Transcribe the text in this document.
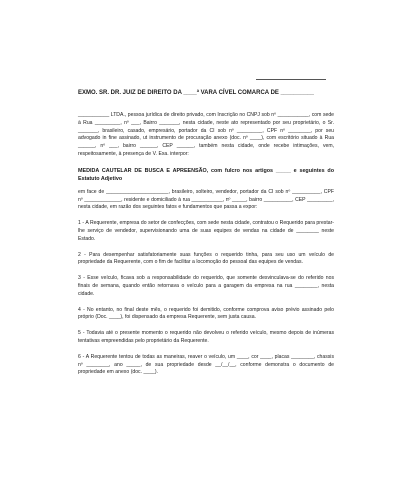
EXMO. SR. DR. JUIZ DE DIREITO DA ____ª VARA CÍVEL COMARCA DE __________

___________ LTDA., pessoa jurídica de direito privado, com Inscrição no CNPJ sob nº ___________, com sede à Rua _________, nº ___, Bairro _______, nesta cidade, neste ato representado por seu proprietário, o Sr. _______, brasileiro, casado, empresário, portador da CI sob nº _________, CPF nº ________, por seu advogado in fine assinado, ut instrumento de procuração anexo (doc. nº ____), com escritório situado à Rua ______, nº ___, bairro ______, CEP ______, também nesta cidade, onde recebe intimações, vem, respeitosamente, à presença de V. Exa. interpor:

MEDIDA CAUTELAR DE BUSCA E APREENSÃO, com fulcro nos artigos _____ e seguintes do Estatuto Adjetivo

em face de ______________________, brasileiro, solteiro, vendedor, portador da CI sob nº __________, CPF nº _____________, residente e domiciliado à rua ___________, nº _____, bairro __________, CEP _________, nesta cidade, em razão dos seguintes fatos e fundamentos que passa a expor:

1 - A Requerente, empresa do setor de confecções, com sede nesta cidade, contratou o Requerido para prestar-lhe serviço de vendedor, supervisionando uma de suas equipes de vendas na cidade de ________ neste Estado.

2 - Para desempenhar satisfatoriamente suas funções o requerido tinha, para seu uso um veículo de propriedade da Requerente, com o fim de facilitar a locomoção do pessoal das equipes de vendas.

3 - Esse veículo, ficava sob a responsabilidade do requerido, que somente desvinculava-se do referido nos finais de semana, quando então retornava o veículo para a garagem da empresa na rua ________, nesta cidade.

4 - No entanto, no final deste mês, o requerido foi demitido, conforme comprova aviso prévio assinado pelo próprio (Doc. ____), foi dispensado da empresa Requerente, sem justa causa.

5 - Todavia até o presente momento o requerido não devolveu o referido veículo, mesmo depois de inúmeras tentativas empreendidas pelo proprietário da Requerente.

6 - A Requerente tentou de todas as maneiras, reaver o veículo, um ____, cor ____, placas ________, chassis nº ________, ano _____, de sua propriedade desde __/__/__, conforme demonstra o documento de propriedade em anexo (doc. ____).
